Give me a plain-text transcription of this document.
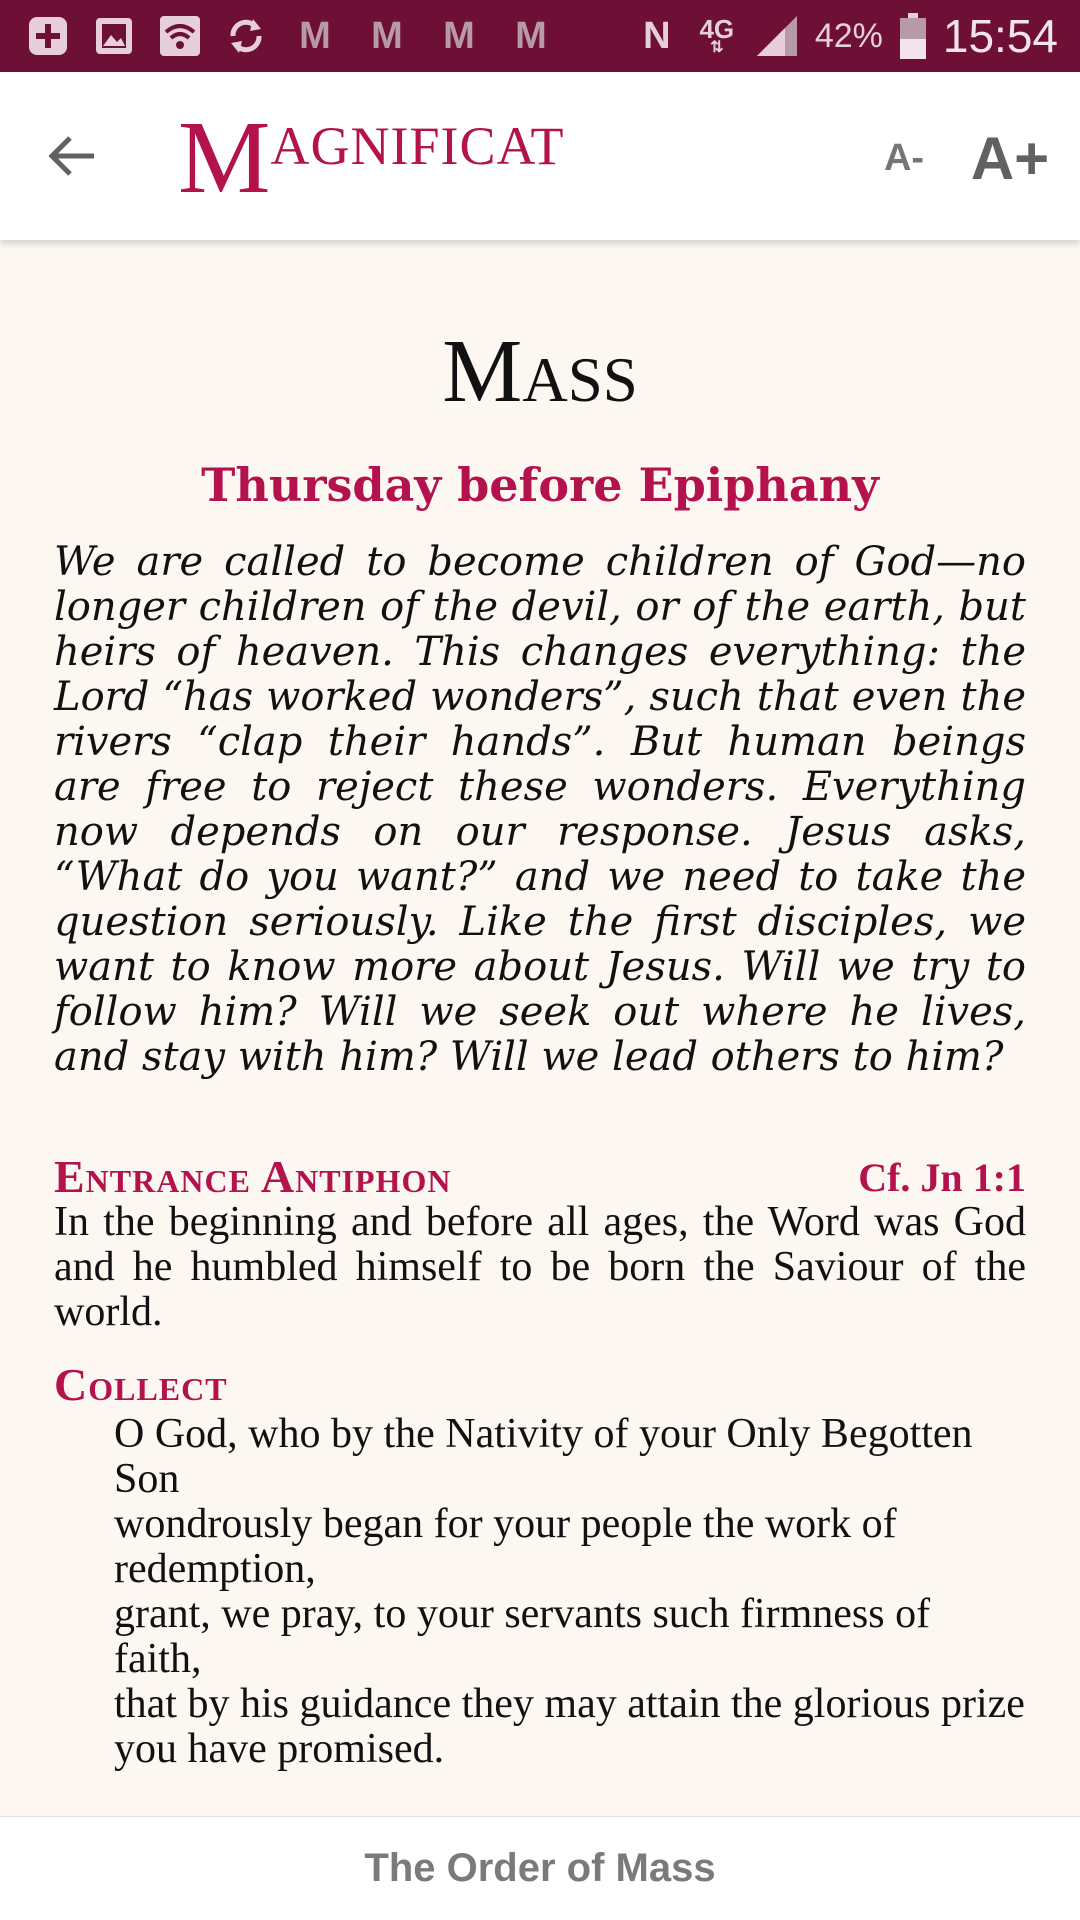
M M M M	N	4G
⇅	42% 15:54
M AGNIFICAT	A- A+
Mass
Thursday before Epiphany

We are called to become children of God—no longer children of the devil, or of the earth, but heirs of heaven. This changes everything: the Lord “has worked wonders”, such that even the rivers “clap their hands”. But human beings are free to reject these wonders. Everything now depends on our response. Jesus asks, “What do you want?” and we need to take the question seriously. Like the first disciples, we want to know more about Jesus. Will we try to follow him? Will we seek out where he lives, and stay with him? Will we lead others to him?

Entrance Antiphon	Cf. Jn 1:1

In the beginning and before all ages, the Word was God and he humbled himself to be born the Saviour of the world.

Collect
O God, who by the Nativity of your Only Begotten Son
wondrously began for your people the work of redemption,
grant, we pray, to your servants such firmness of faith,
that by his guidance they may attain the glorious prize
you have promised.
The Order of Mass
